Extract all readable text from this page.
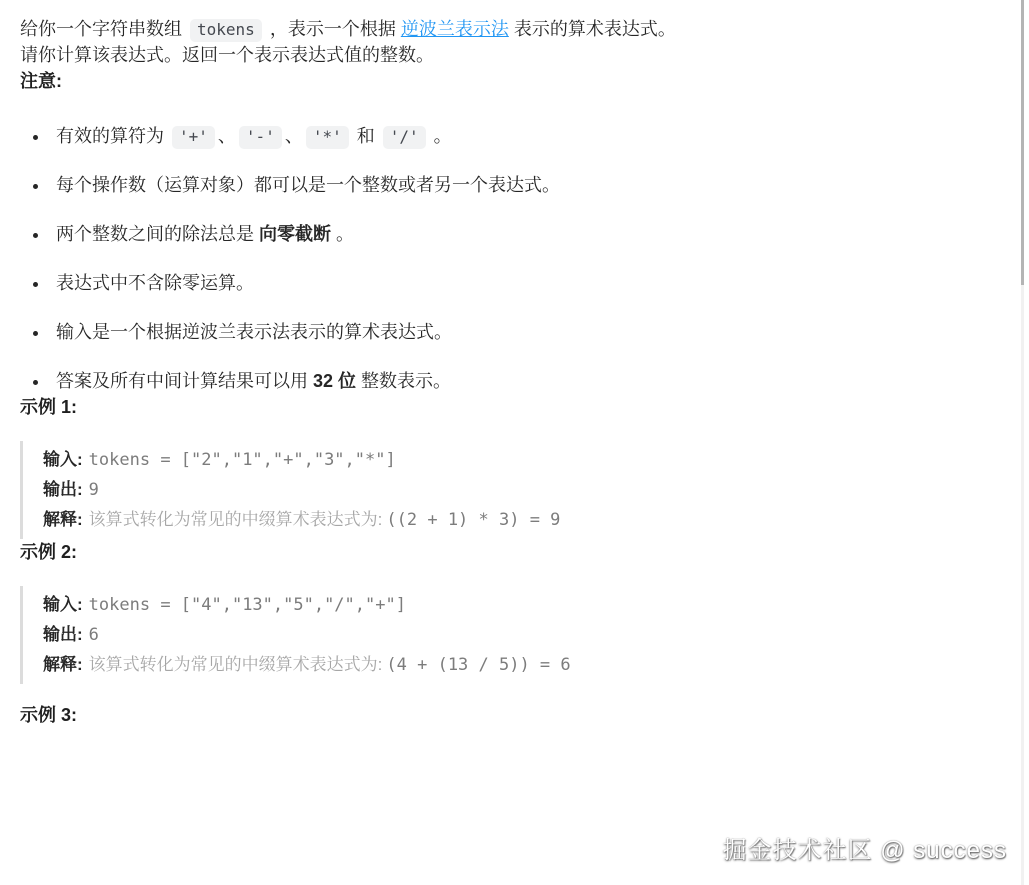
给你一个字符串数组 tokens ，表示一个根据 逆波兰表示法 表示的算术表达式。

请你计算该表达式。返回一个表示表达式值的整数。

注意:
• 有效的算符为 '+' 、 '-' 、 '*' 和 '/' 。
• 每个操作数（运算对象）都可以是一个整数或者另一个表达式。
• 两个整数之间的除法总是 向零截断 。
• 表达式中不含除零运算。
• 输入是一个根据逆波兰表示法表示的算术表达式。
• 答案及所有中间计算结果可以用 32 位 整数表示。
示例 1:
输入: tokens = ["2","1","+","3","*"]
输出: 9
解释: 该算式转化为常见的中缀算术表达式为: ((2 + 1) * 3) = 9
示例 2:
输入: tokens = ["4","13","5","/","+"]
输出: 6
解释: 该算式转化为常见的中缀算术表达式为: (4 + (13 / 5)) = 6
示例 3:
掘金技术社区 @ success
